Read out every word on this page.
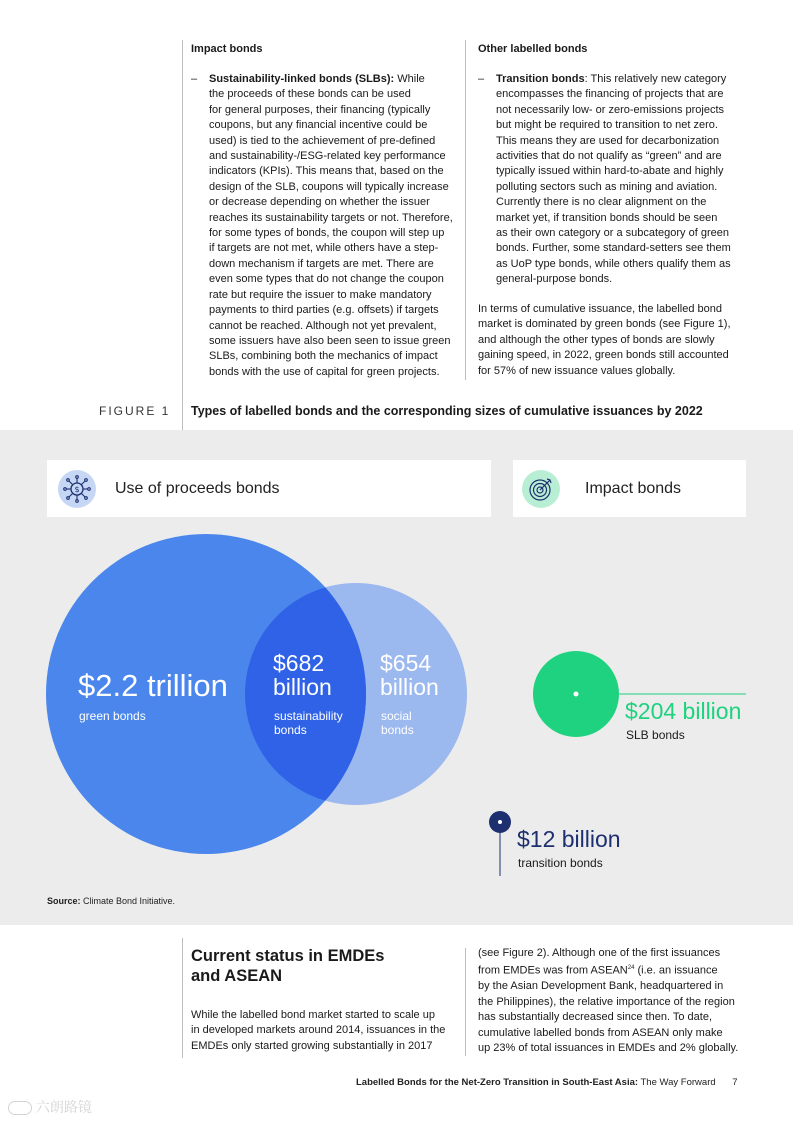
Impact bonds
– Sustainability-linked bonds (SLBs): While
the proceeds of these bonds can be used
for general purposes, their financing (typically
coupons, but any financial incentive could be
used) is tied to the achievement of pre-defined
and sustainability-/ESG-related key performance
indicators (KPIs). This means that, based on the
design of the SLB, coupons will typically increase
or decrease depending on whether the issuer
reaches its sustainability targets or not. Therefore,
for some types of bonds, the coupon will step up
if targets are not met, while others have a step-
down mechanism if targets are met. There are
even some types that do not change the coupon
rate but require the issuer to make mandatory
payments to third parties (e.g. offsets) if targets
cannot be reached. Although not yet prevalent,
some issuers have also been seen to issue green
SLBs, combining both the mechanics of impact
bonds with the use of capital for green projects.
Other labelled bonds
– Transition bonds: This relatively new category
encompasses the financing of projects that are
not necessarily low- or zero-emissions projects
but might be required to transition to net zero.
This means they are used for decarbonization
activities that do not qualify as “green” and are
typically issued within hard-to-abate and highly
polluting sectors such as mining and aviation.
Currently there is no clear alignment on the
market yet, if transition bonds should be seen
as their own category or a subcategory of green
bonds. Further, some standard-setters see them
as UoP type bonds, while others qualify them as
general-purpose bonds.
In terms of cumulative issuance, the labelled bond
market is dominated by green bonds (see Figure 1),
and although the other types of bonds are slowly
gaining speed, in 2022, green bonds still accounted
for 57% of new issuance values globally.
FIGURE 1 Types of labelled bonds and the corresponding sizes of cumulative issuances by 2022
$ Use of proceeds bonds	Impact bonds
$2.2 trillion
green bonds
$682
billion
sustainability
bonds
$654
billion
social
bonds
$204 billion
SLB bonds
$12 billion
transition bonds
Source: Climate Bond Initiative.
Current status in EMDEs
and ASEAN
While the labelled bond market started to scale up
in developed markets around 2014, issuances in the
EMDEs only started growing substantially in 2017
(see Figure 2). Although one of the first issuances
from EMDEs was from ASEAN$^{24}$ (i.e. an issuance
by the Asian Development Bank, headquartered in
the Philippines), the relative importance of the region
has substantially decreased since then. To date,
cumulative labelled bonds from ASEAN only make
up 23% of total issuances in EMDEs and 2% globally.
Labelled Bonds for the Net-Zero Transition in South-East Asia: The Way Forward 7
六朗路镜
